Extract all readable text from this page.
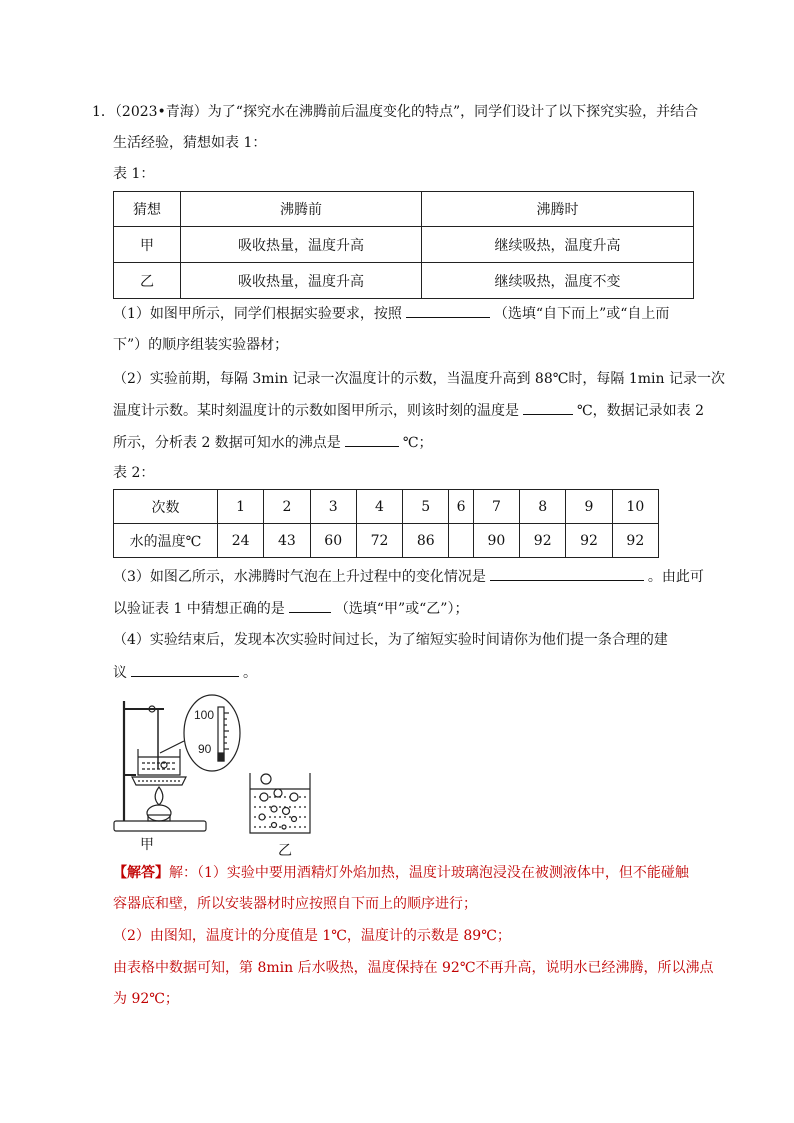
1．（2023•青海）为了“探究水在沸腾前后温度变化的特点”，同学们设计了以下探究实验，并结合
生活经验，猜想如表 1：
表 1：
猜想	沸腾前	沸腾时
甲	吸收热量，温度升高	继续吸热，温度升高
乙	吸收热量，温度升高	继续吸热，温度不变
（1）如图甲所示，同学们根据实验要求，按照	（选填“自下而上”或“自上而
下”）的顺序组装实验器材；
（2）实验前期，每隔 3min 记录一次温度计的示数，当温度升高到 88℃时，每隔 1min 记录一次
温度计示数。某时刻温度计的示数如图甲所示，则该时刻的温度是	℃，数据记录如表 2
所示，分析表 2 数据可知水的沸点是	℃；
表 2：
次数	1	2	3	4	5	6	7	8	9	10
水的温度℃	24	43	60	72	86		90	92	92	92
（3）如图乙所示，水沸腾时气泡在上升过程中的变化情况是	。由此可
以验证表 1 中猜想正确的是	（选填“甲”或“乙”）；
（4）实验结束后，发现本次实验时间过长，为了缩短实验时间请你为他们提一条合理的建
议	。
100
90
甲	乙
【解答】解：（1）实验中要用酒精灯外焰加热，温度计玻璃泡浸没在被测液体中，但不能碰触
容器底和壁，所以安装器材时应按照自下而上的顺序进行；
（2）由图知，温度计的分度值是 1℃，温度计的示数是 89℃；
由表格中数据可知，第 8min 后水吸热，温度保持在 92℃不再升高，说明水已经沸腾，所以沸点
为 92℃；
